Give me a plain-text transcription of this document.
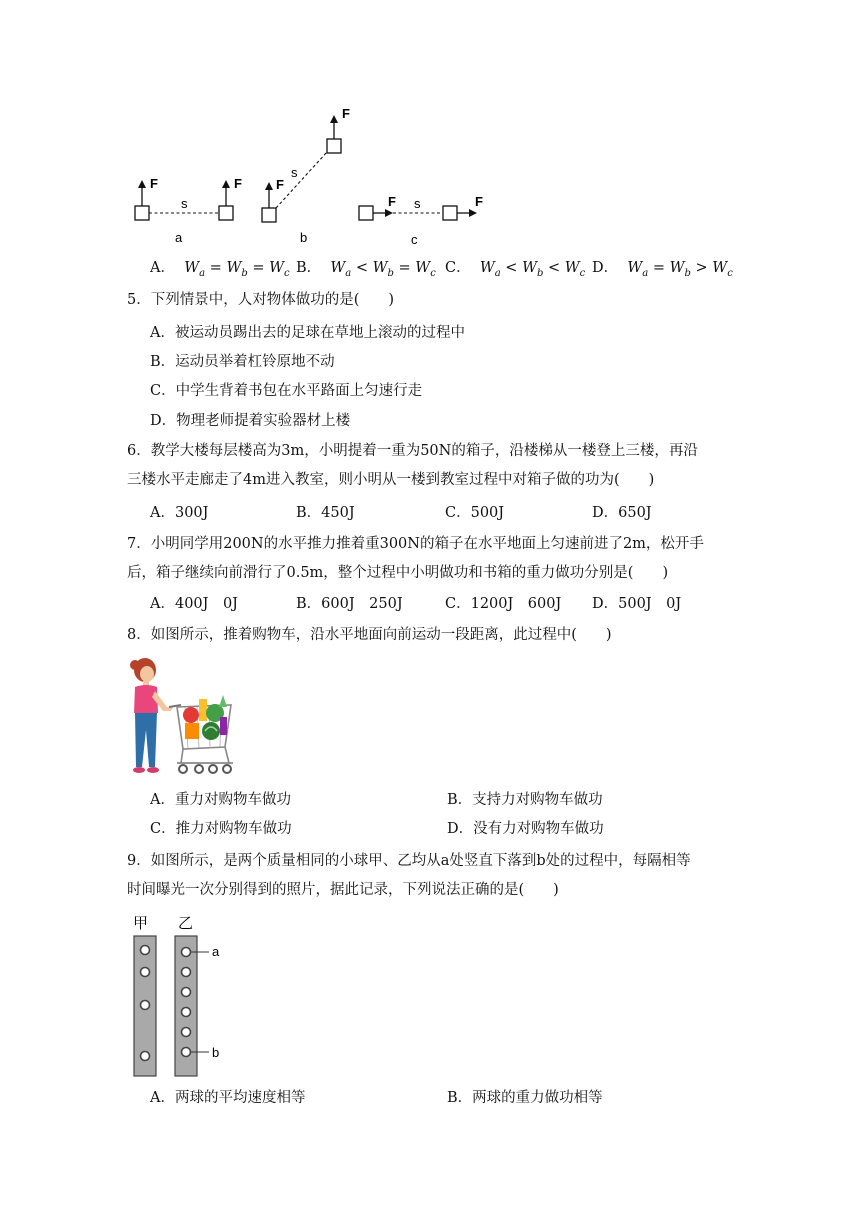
F
s
F
a
F
s
F
b
F s	F
c
A．  $W_a = W_b = W_c$ B．  $W_a < W_b = W_c$ C．  $W_a < W_b < W_c$ D．  $W_a = W_b > W_c$
5．下列情景中，人对物体做功的是(　　)
A．被运动员踢出去的足球在草地上滚动的过程中
B．运动员举着杠铃原地不动
C．中学生背着书包在水平路面上匀速行走
D．物理老师提着实验器材上楼
6．教学大楼每层楼高为3m，小明提着一重为50N的箱子，沿楼梯从一楼登上三楼，再沿
三楼水平走廊走了4m进入教室，则小明从一楼到教室过程中对箱子做的功为(　　)
A．300J	B．450J	C．500J	D．650J
7．小明同学用200N的水平推力推着重300N的箱子在水平地面上匀速前进了2m，松开手
后，箱子继续向前滑行了0.5m，整个过程中小明做功和书箱的重力做功分别是(　　)
A．400J　0J	B．600J　250J	C．1200J　600J D．500J　0J
8．如图所示，推着购物车，沿水平地面向前运动一段距离，此过程中(　　)
A．重力对购物车做功	B．支持力对购物车做功
C．推力对购物车做功	D．没有力对购物车做功
9．如图所示，是两个质量相同的小球甲、乙均从a处竖直下落到b处的过程中，每隔相等
时间曝光一次分别得到的照片，据此记录，下列说法正确的是(　　)
甲 乙
a
b
A．两球的平均速度相等	B．两球的重力做功相等
